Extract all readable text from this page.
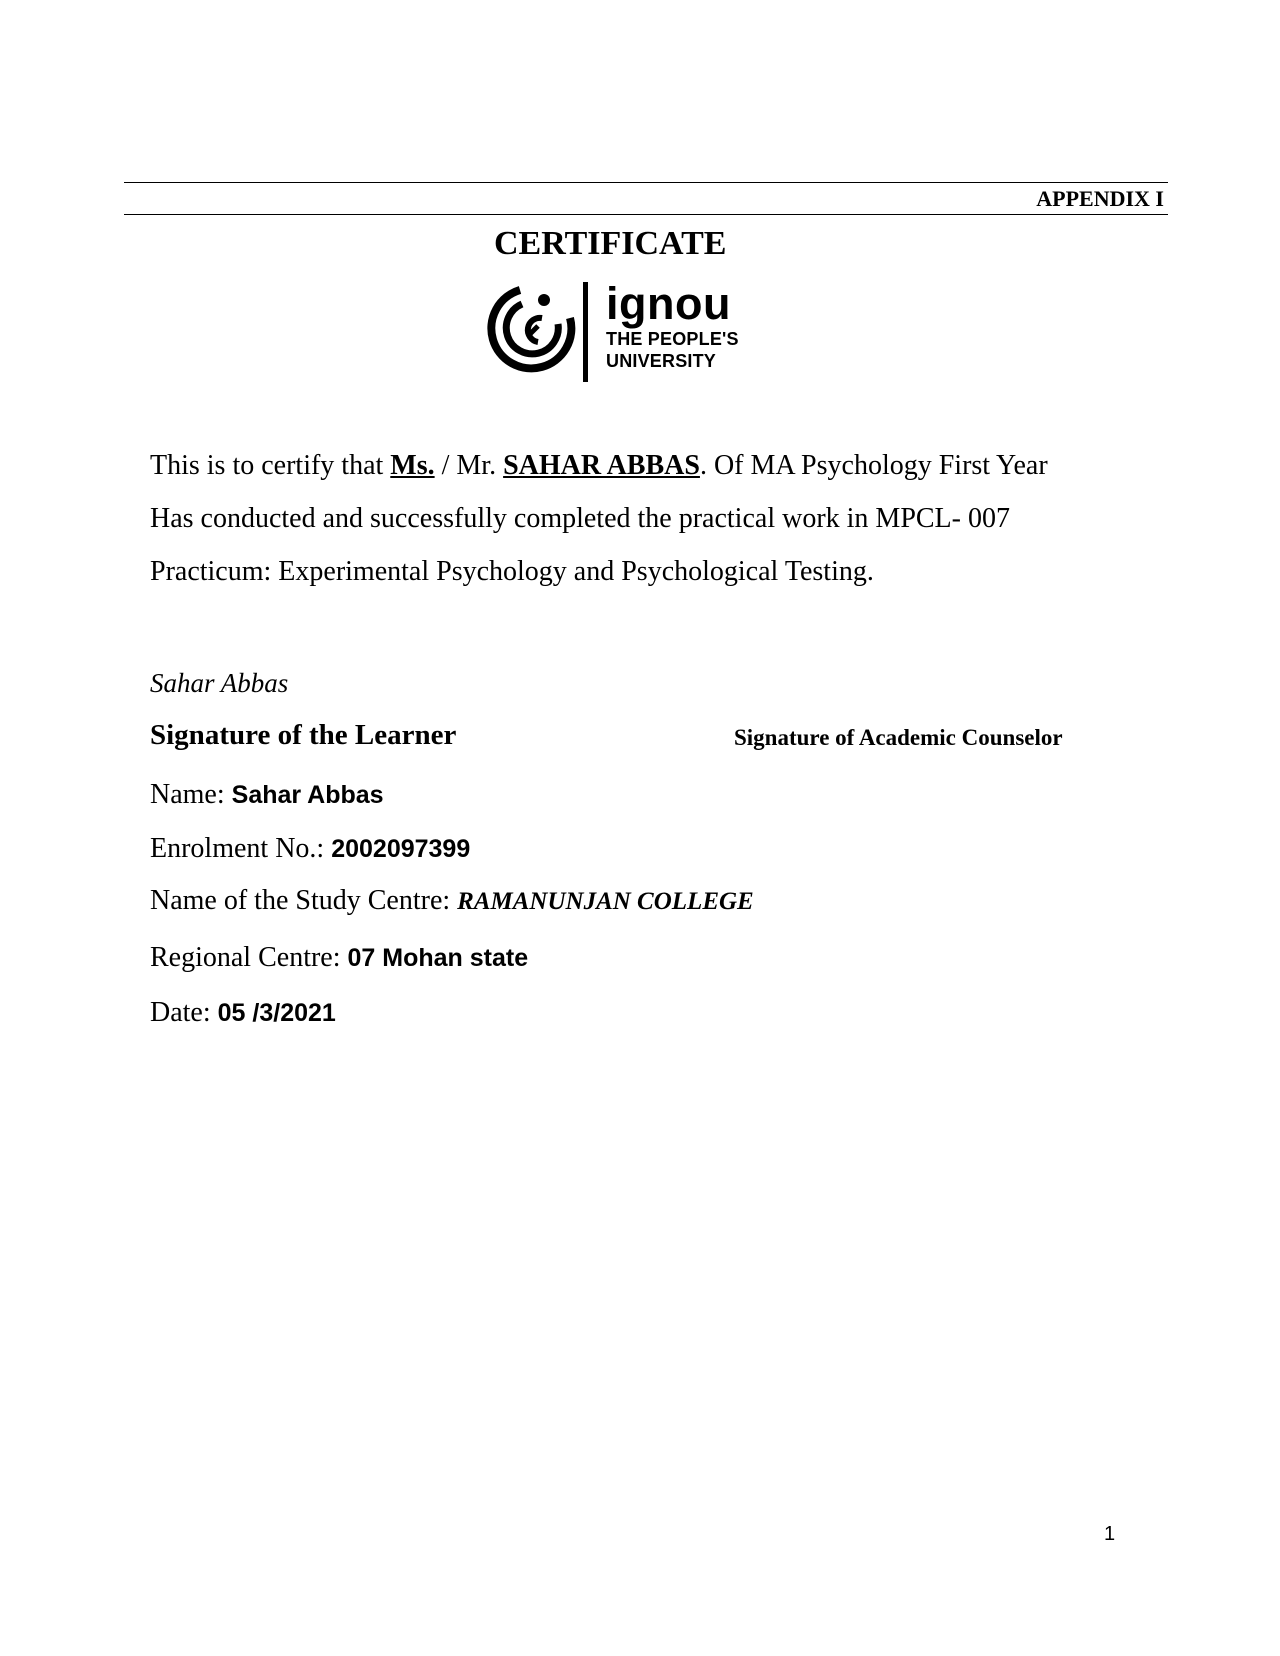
APPENDIX I
CERTIFICATE
ignou
THE PEOPLE'S
UNIVERSITY
This is to certify that Ms. / Mr. SAHAR ABBAS. Of MA Psychology First Year
Has conducted and successfully completed the practical work in MPCL- 007
Practicum: Experimental Psychology and Psychological Testing.
Sahar Abbas
Signature of the Learner	Signature of Academic Counselor
Name: Sahar Abbas
Enrolment No.: 2002097399
Name of the Study Centre: RAMANUNJAN COLLEGE
Regional Centre: 07 Mohan state
Date: 05 /3/2021
1
